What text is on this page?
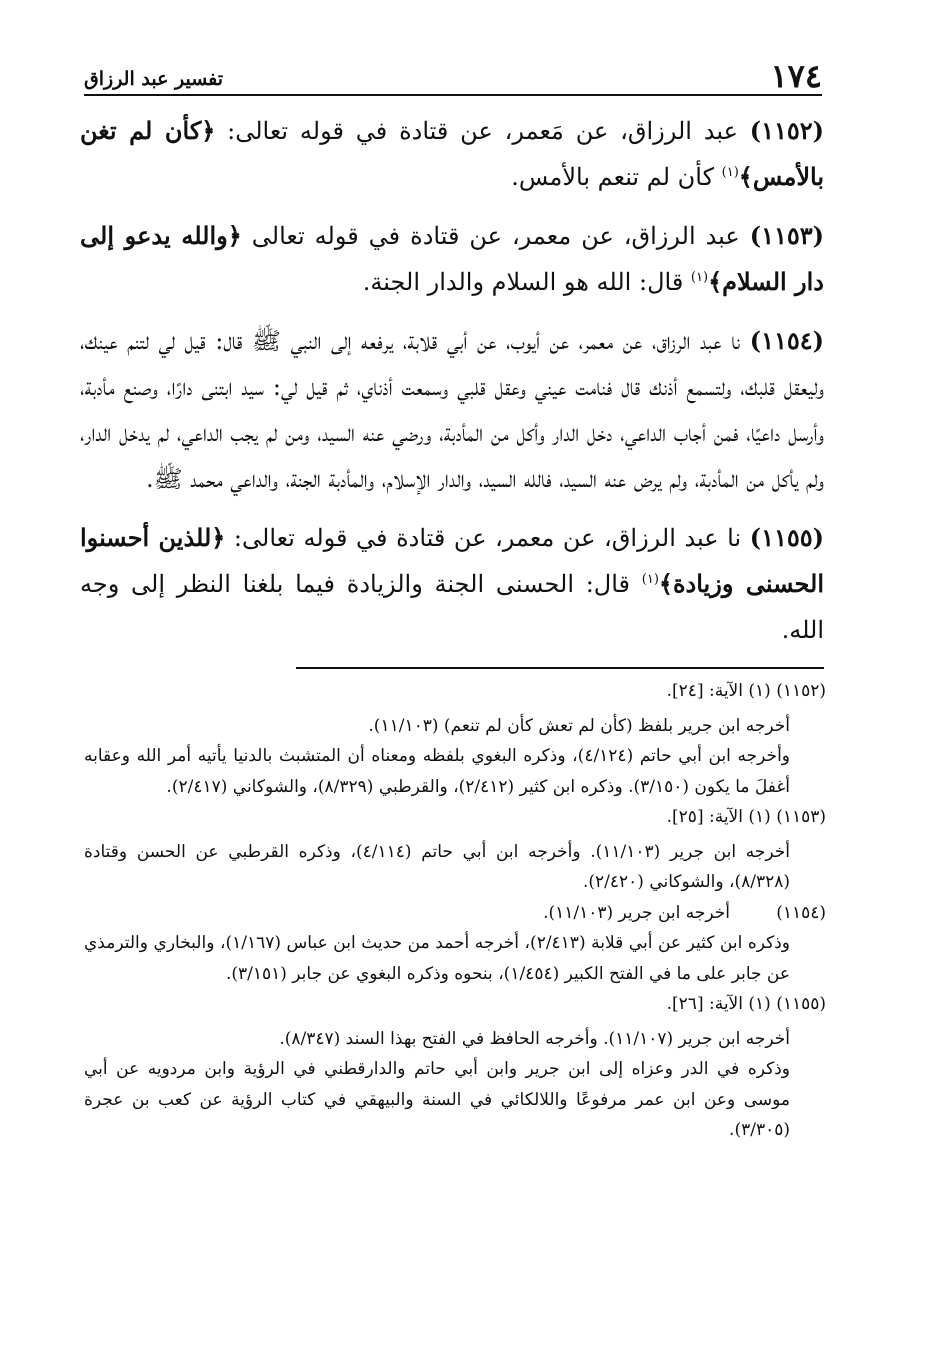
١٧٤
تفسير عبد الرزاق

(١١٥٢) عبد الرزاق، عن مَعمر، عن قتادة في قوله تعالى: ﴿كأن لم تغن بالأمس﴾$^{(١)}$ كأن لم تنعم بالأمس.

(١١٥٣) عبد الرزاق، عن معمر، عن قتادة في قوله تعالى ﴿والله يدعو إلى دار السلام﴾$^{(١)}$ قال: الله هو السلام والدار الجنة.

(١١٥٤) نا عبد الرزاق، عن معمر، عن أيوب، عن أبي قلابة، يرفعه إلى النبي ﷺ قال: قيل لي لتنم عينك، وليعقل قلبك، ولتسمع أذنك قال فنامت عيني وعقل قلبي وسمعت أذناي، ثم قيل لي: سيد ابتنى دارًا، وصنع مأدبة، وأرسل داعيًا، فمن أجاب الداعي، دخل الدار وأكل من المأدبة، ورضي عنه السيد، ومن لم يجب الداعي، لم يدخل الدار، ولم يأكل من المأدبة، ولم يرض عنه السيد، فالله السيد، والدار الإسلام، والمأدبة الجنة، والداعي محمد ﷺ.

(١١٥٥) نا عبد الرزاق، عن معمر، عن قتادة في قوله تعالى: ﴿للذين أحسنوا الحسنى وزيادة﴾$^{(١)}$ قال: الحسنى الجنة والزيادة فيما بلغنا النظر إلى وجه الله.

(١١٥٢) (١) الآية: [٢٤].

أخرجه ابن جرير بلفظ (كأن لم تعش كأن لم تنعم) (١١/١٠٣).

وأخرجه ابن أبي حاتم (٤/١٢٤)، وذكره البغوي بلفظه ومعناه أن المتشبث بالدنيا يأتيه أمر الله وعقابه أغفلَ ما يكون (٣/١٥٠). وذكره ابن كثير (٢/٤١٢)، والقرطبي (٨/٣٢٩)، والشوكاني (٢/٤١٧).

(١١٥٣) (١) الآية: [٢٥].

أخرجه ابن جرير (١١/١٠٣). وأخرجه ابن أبي حاتم (٤/١١٤)، وذكره القرطبي عن الحسن وقتادة (٨/٣٢٨)، والشوكاني (٢/٤٢٠).

(١١٥٤)أخرجه ابن جرير (١١/١٠٣).

وذكره ابن كثير عن أبي قلابة (٢/٤١٣)، أخرجه أحمد من حديث ابن عباس (١/١٦٧)، والبخاري والترمذي عن جابر على ما في الفتح الكبير (١/٤٥٤)، بنحوه وذكره البغوي عن جابر (٣/١٥١).

(١١٥٥) (١) الآية: [٢٦].

أخرجه ابن جرير (١١/١٠٧). وأخرجه الحافظ في الفتح بهذا السند (٨/٣٤٧).

وذكره في الدر وعزاه إلى ابن جرير وابن أبي حاتم والدارقطني في الرؤية وابن مردويه عن أبي موسى وعن ابن عمر مرفوعًا واللالكائي في السنة والبيهقي في كتاب الرؤية عن كعب بن عجرة (٣/٣٠٥).
